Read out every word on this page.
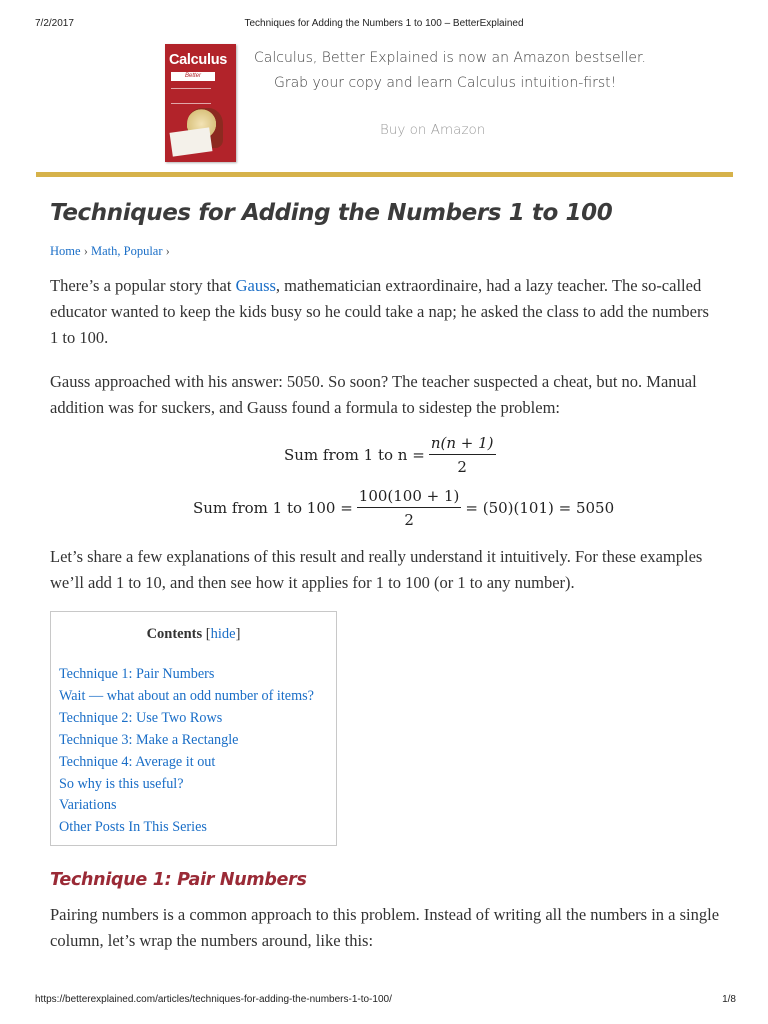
7/2/2017	Techniques for Adding the Numbers 1 to 100 – BetterExplained
Calculus
Better Explained
Calculus, Better Explained is now an Amazon bestseller.
Grab your copy and learn Calculus intuition-first!
Buy on Amazon
Techniques for Adding the Numbers 1 to 100
Home › Math, Popular ›

There’s a popular story that Gauss, mathematician extraordinaire, had a lazy teacher. The so-called educator wanted to keep the kids busy so he could take a nap; he asked the class to add the numbers 1 to 100.

Gauss approached with his answer: 5050. So soon? The teacher suspected a cheat, but no. Manual addition was for suckers, and Gauss found a formula to sidestep the problem:

Sum from 1 to $n = \frac{n(n + 1)}{2}$
Sum from 1 to $100 = \frac{100(100 + 1)}{2} = (50)(101) = 5050$

Let’s share a few explanations of this result and really understand it intuitively. For these examples we’ll add 1 to 10, and then see how it applies for 1 to 100 (or 1 to any number).

Contents [hide]
Technique 1: Pair Numbers
Wait — what about an odd number of items?
Technique 2: Use Two Rows
Technique 3: Make a Rectangle
Technique 4: Average it out
So why is this useful?
Variations
Other Posts In This Series
Technique 1: Pair Numbers

Pairing numbers is a common approach to this problem. Instead of writing all the numbers in a single column, let’s wrap the numbers around, like this:

https://betterexplained.com/articles/techniques-for-adding-the-numbers-1-to-100/	1/8
